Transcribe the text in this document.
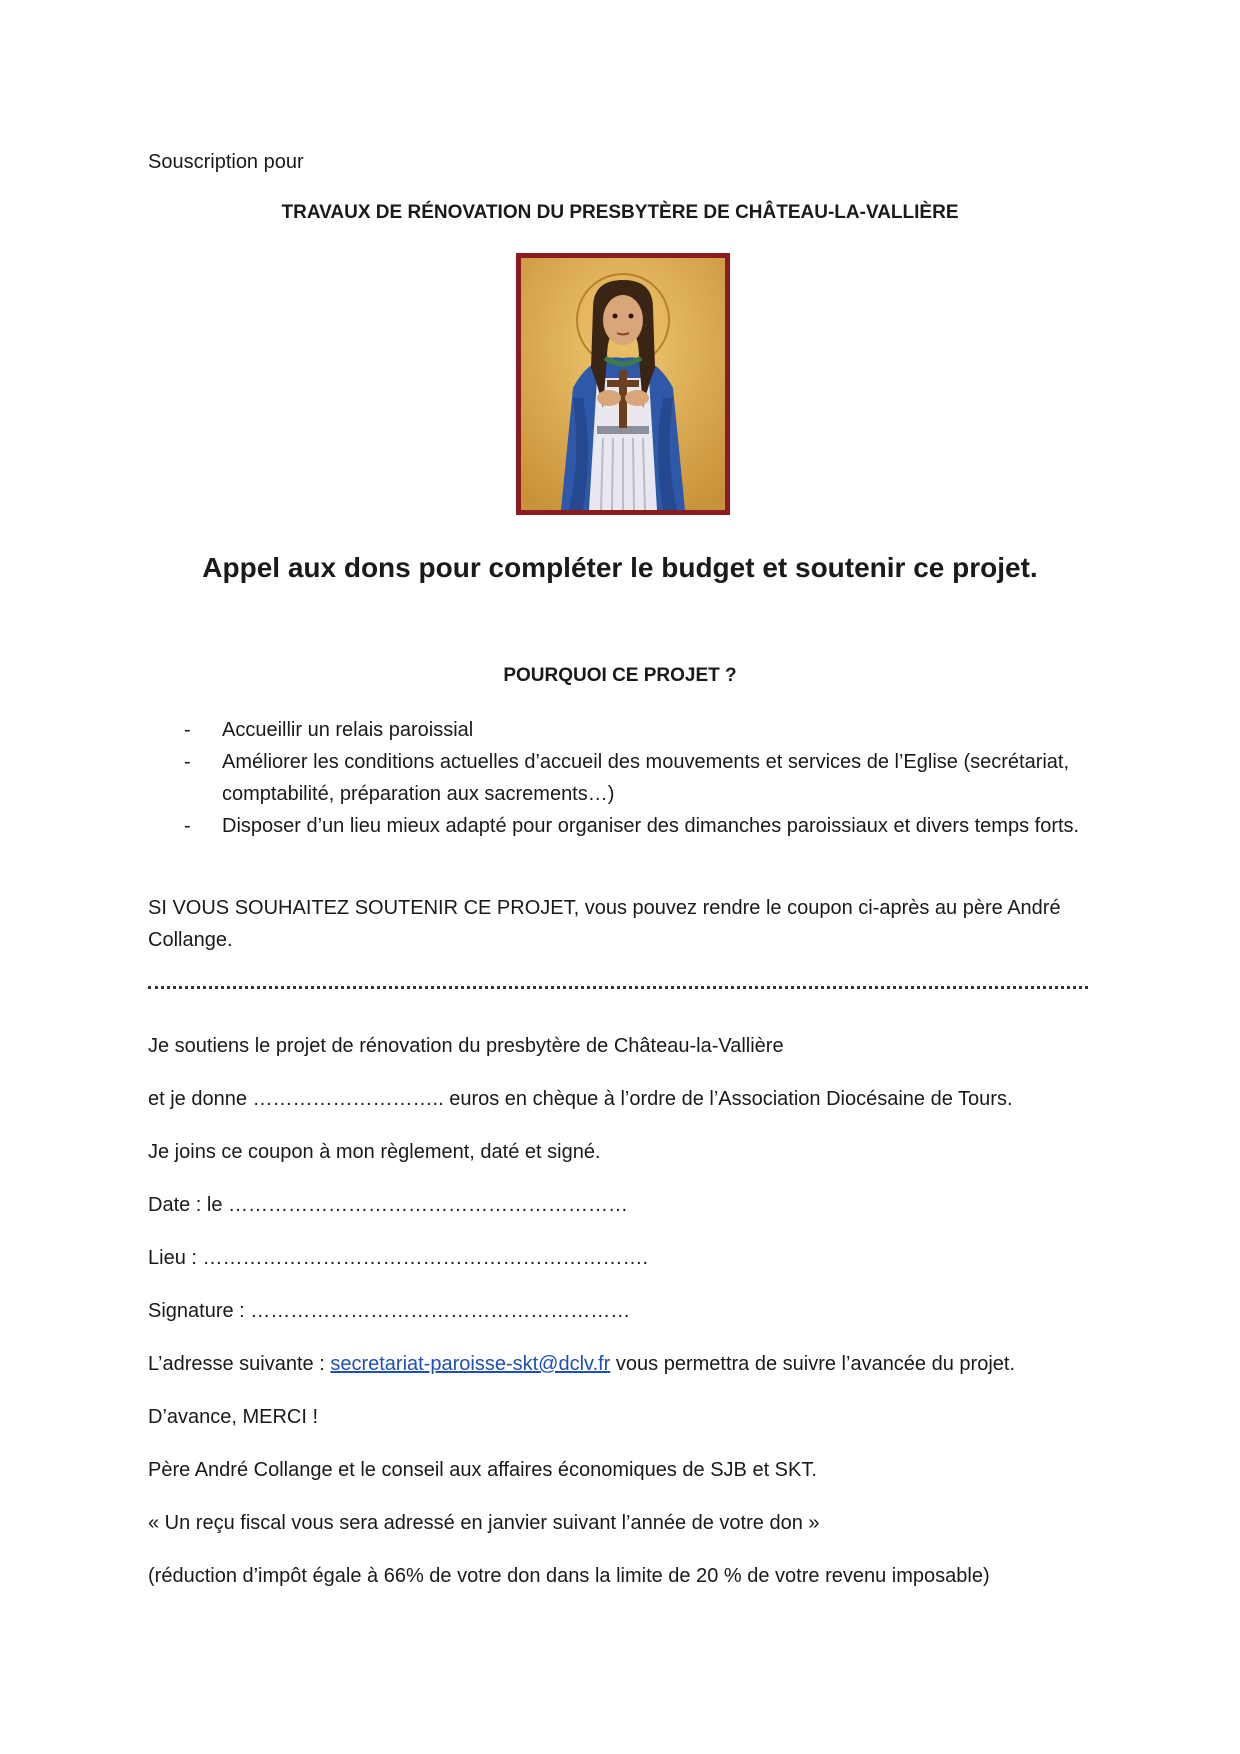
Souscription pour
TRAVAUX DE RÉNOVATION DU PRESBYTÈRE DE CHÂTEAU-LA-VALLIÈRE
Appel aux dons pour compléter le budget et soutenir ce projet.
POURQUOI CE PROJET ?
-	Accueillir un relais paroissial
-	Améliorer les conditions actuelles d’accueil des mouvements et services de l’Eglise (secrétariat, comptabilité, préparation aux sacrements…)
-	Disposer d’un lieu mieux adapté pour organiser des dimanches paroissiaux et divers temps forts.
SI VOUS SOUHAITEZ SOUTENIR CE PROJET, vous pouvez rendre le coupon ci-après au père André
Collange.
Je soutiens le projet de rénovation du presbytère de Château-la-Vallière
et je donne ……………………….. euros en chèque à l’ordre de l’Association Diocésaine de Tours.
Je joins ce coupon à mon règlement, daté et signé.
Date : le ……………………………………………………
Lieu : ………………………………………………………….
Signature : …………………………………………………
L’adresse suivante : secretariat-paroisse-skt@dclv.fr vous permettra de suivre l’avancée du projet.
D’avance, MERCI !
Père André Collange et le conseil aux affaires économiques de SJB et SKT.
« Un reçu fiscal vous sera adressé en janvier suivant l’année de votre don »
(réduction d’impôt égale à 66% de votre don dans la limite de 20 % de votre revenu imposable)
